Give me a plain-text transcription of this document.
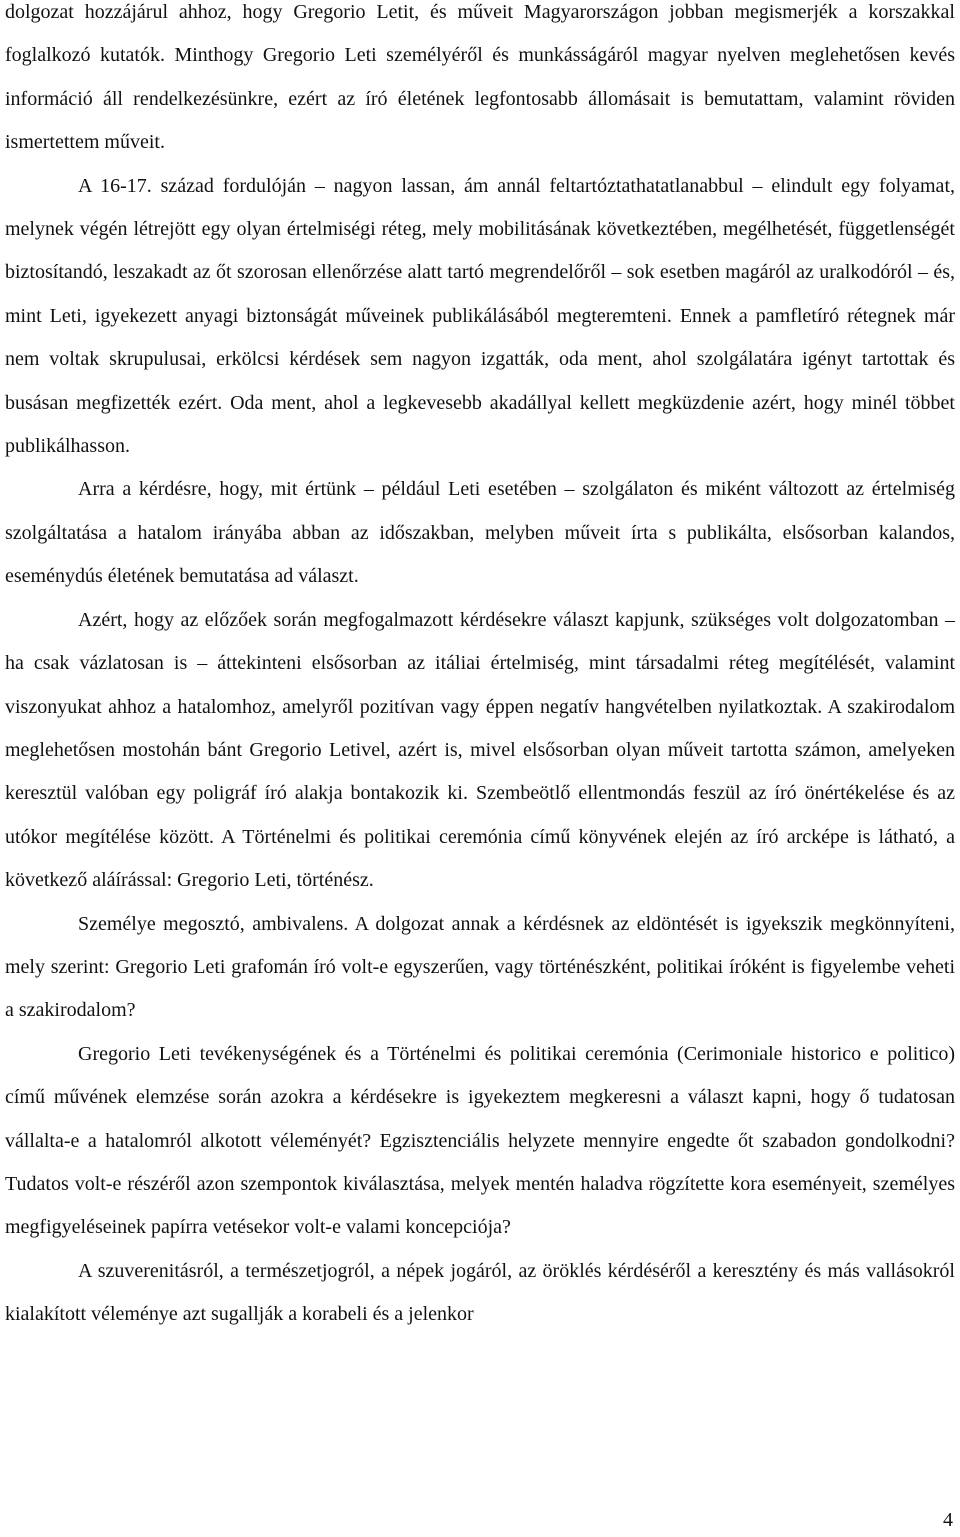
dolgozat hozzájárul ahhoz, hogy Gregorio Letit, és műveit Magyarországon jobban megismerjék a korszakkal foglalkozó kutatók. Minthogy Gregorio Leti személyéről és munkásságáról magyar nyelven meglehetősen kevés információ áll rendelkezésünkre, ezért az író életének legfontosabb állomásait is bemutattam, valamint röviden ismertettem műveit.

A 16-17. század fordulóján – nagyon lassan, ám annál feltartóztathatatlanabbul – elindult egy folyamat, melynek végén létrejött egy olyan értelmiségi réteg, mely mobilitásának következtében, megélhetését, függetlenségét biztosítandó, leszakadt az őt szorosan ellenőrzése alatt tartó megrendelőről – sok esetben magáról az uralkodóról – és, mint Leti, igyekezett anyagi biztonságát műveinek publikálásából megteremteni. Ennek a pamfletíró rétegnek már nem voltak skrupulusai, erkölcsi kérdések sem nagyon izgatták, oda ment, ahol szolgálatára igényt tartottak és busásan megfizették ezért. Oda ment, ahol a legkevesebb akadállyal kellett megküzdenie azért, hogy minél többet publikálhasson.

Arra a kérdésre, hogy, mit értünk – például Leti esetében – szolgálaton és miként változott az értelmiség szolgáltatása a hatalom irányába abban az időszakban, melyben műveit írta s publikálta, elsősorban kalandos, eseménydús életének bemutatása ad választ.

Azért, hogy az előzőek során megfogalmazott kérdésekre választ kapjunk, szükséges volt dolgozatomban – ha csak vázlatosan is – áttekinteni elsősorban az itáliai értelmiség, mint társadalmi réteg megítélését, valamint viszonyukat ahhoz a hatalomhoz, amelyről pozitívan vagy éppen negatív hangvételben nyilatkoztak. A szakirodalom meglehetősen mostohán bánt Gregorio Letivel, azért is, mivel elsősorban olyan műveit tartotta számon, amelyeken keresztül valóban egy poligráf író alakja bontakozik ki. Szembeötlő ellentmondás feszül az író önértékelése és az utókor megítélése között. A Történelmi és politikai ceremónia című könyvének elején az író arcképe is látható, a következő aláírással: Gregorio Leti, történész.

Személye megosztó, ambivalens. A dolgozat annak a kérdésnek az eldöntését is igyekszik megkönnyíteni, mely szerint: Gregorio Leti grafomán író volt-e egyszerűen, vagy történészként, politikai íróként is figyelembe veheti a szakirodalom?

Gregorio Leti tevékenységének és a Történelmi és politikai ceremónia (Cerimoniale historico e politico) című művének elemzése során azokra a kérdésekre is igyekeztem megkeresni a választ kapni, hogy ő tudatosan vállalta-e a hatalomról alkotott véleményét? Egzisztenciális helyzete mennyire engedte őt szabadon gondolkodni? Tudatos volt-e részéről azon szempontok kiválasztása, melyek mentén haladva rögzítette kora eseményeit, személyes megfigyeléseinek papírra vetésekor volt-e valami koncepciója?

A szuverenitásról, a természetjogról, a népek jogáról, az öröklés kérdéséről a keresztény és más vallásokról kialakított véleménye azt sugallják a korabeli és a jelenkor

4
